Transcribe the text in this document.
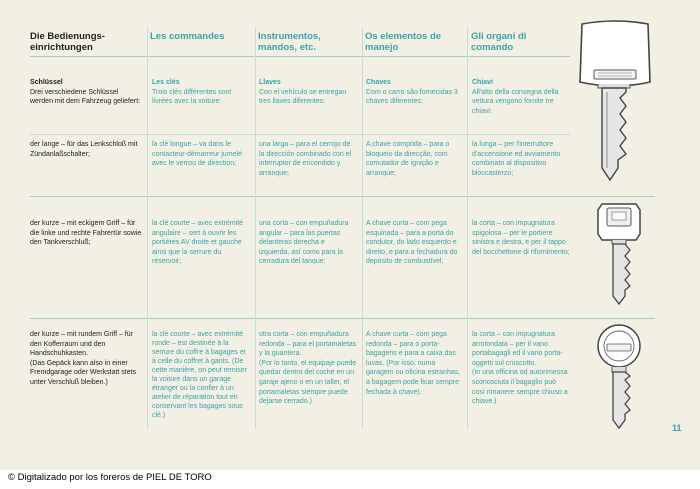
Die Bedienungs-
einrichtungen
Les commandes	Instrumentos,
mandos, etc.
Os elementos de
manejo
Gli organi di
comando
Schlüssel
Drei verschiedene Schlüssel werden mit dem Fahrzeug geliefert:
Les clés
Trois clés différentes sont livrées avec la voiture:
Llaves
Con el vehículo se entregan tres llaves diferentes:
Chaves
Com o carro são fornecidas 3 chaves diferentes:
Chiavi
All'atto della consegna della vettura vengono fornite tre chiavi:
der lange – für das Lenkschloß mit Zündanlaßschalter;
la clé longue – va dans le contacteur-démarreur jumelé avec le verrou de direction;
una larga – para el cerrojo de la dirección combinado con el interruptor de encendido y arranque;
A chave comprida – para o bloqueio da direcção, com comutador de ignição e arranque;
la lunga – per l'interruttore d'accensione ed avviamento combinato al dispositivo bloccasterzo;
der kurze – mit eckigem Griff – für die linke und rechte Fahrertür sowie den Tankverschluß;
la clé courte – avec extrémité angulaire – sert à ouvrir les portières AV droite et gauche ainsi que la serrure du réservoir;
una corta – con empuñadura angular – para las puertas delanteras derecha e izquierda, así como para la cerradura del tanque;
A chave curta – com pega esquinada – para a porta do condutor, do lado esquerdo e direito, e para a fechadura do depósito de combustível;
la corta – con impugnatura spigolosa – per le portiere sinistra e destra, e per il tappo del bocchettone di rifornimento;
der kurze – mit rundem Griff – für den Kofferraum und den Handschuhkasten.
(Das Gepäck kann also in einer Fremdgarage oder Werkstatt stets unter Verschluß bleiben.)
la clé courte – avec extrémité ronde – est destinée à la serrure du coffre à bagages et à celle du coffret à gants. (De cette manière, on peut remiser la voiture dans un garage étranger ou la confier à un atelier de réparation tout en conservant les bagages sous clé.)
otra corta – con empuñadura redonda – para el portamaletas y la guantera.
(Por lo tanto, el equipaje puede quedar dentro del coche en un garaje ajeno o en un taller, el portamaletas siempre puede dejarse cerrado.)
A chave curta – com pega redonda – para o porta-bagagens e para a caixa das luvas. (Por isso, numa garagem ou oficina estranhas, a bagagem pode ficar sempre fechada à chave).
la corta – con impugnatura arrotondata – per il vano portabagagli ed il vano porta-oggetti sul cruscotto.
(In una officina od autorimessa sconosciuta il bagaglio può così rimanere sempre chiuso a chiave.)
11
© Digitalizado por los foreros de PIEL DE TORO
